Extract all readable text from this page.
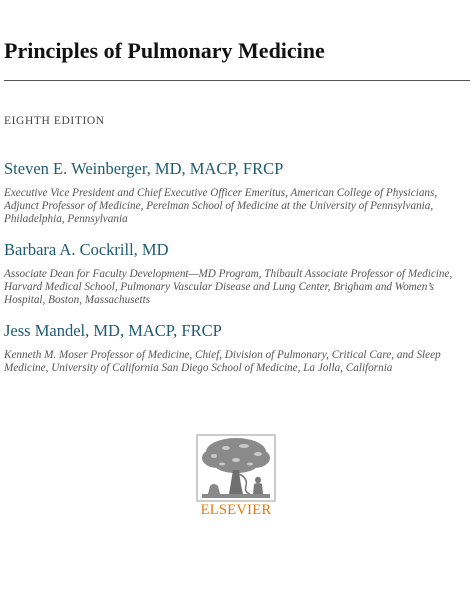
Principles of Pulmonary Medicine
EIGHTH EDITION

Steven E. Weinberger, MD, MACP, FRCP

Executive Vice President and Chief Executive Officer Emeritus, American College of Physicians, Adjunct Professor of Medicine, Perelman School of Medicine at the University of Pennsylvania, Philadelphia, Pennsylvania

Barbara A. Cockrill, MD

Associate Dean for Faculty Development—MD Program, Thibault Associate Professor of Medicine, Harvard Medical School, Pulmonary Vascular Disease and Lung Center, Brigham and Women’s Hospital, Boston, Massachusetts

Jess Mandel, MD, MACP, FRCP

Kenneth M. Moser Professor of Medicine, Chief, Division of Pulmonary, Critical Care, and Sleep Medicine, University of California San Diego School of Medicine, La Jolla, California

ELSEVIER
